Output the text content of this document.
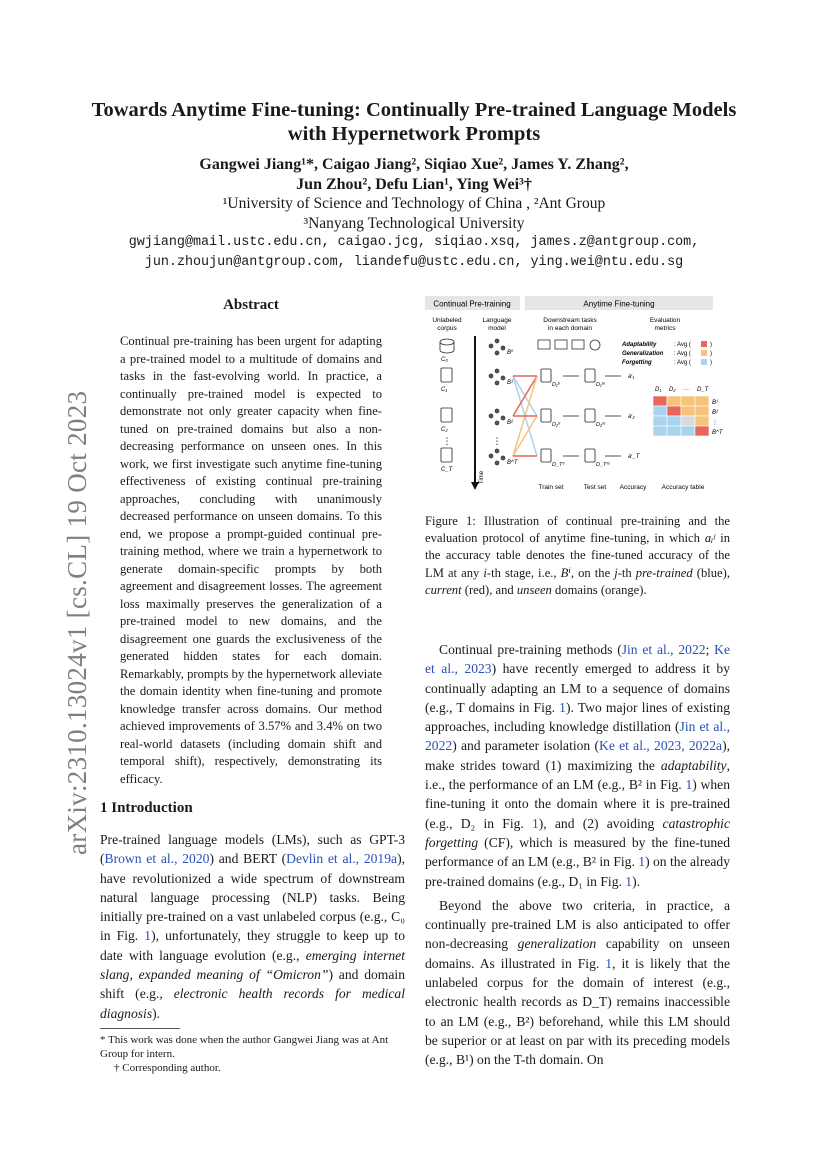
arXiv:2310.13024v1 [cs.CL] 19 Oct 2023
Towards Anytime Fine-tuning: Continually Pre-trained Language Models
with Hypernetwork Prompts
Gangwei Jiang¹*, Caigao Jiang², Siqiao Xue², James Y. Zhang²,
Jun Zhou², Defu Lian¹, Ying Wei³†
¹University of Science and Technology of China , ²Ant Group
³Nanyang Technological University
gwjiang@mail.ustc.edu.cn, caigao.jcg, siqiao.xsq, james.z@antgroup.com,
jun.zhoujun@antgroup.com, liandefu@ustc.edu.cn, ying.wei@ntu.edu.sg
Abstract

Continual pre-training has been urgent for adapting a pre-trained model to a multitude of domains and tasks in the fast-evolving world. In practice, a continually pre-trained model is expected to demonstrate not only greater capacity when fine-tuned on pre-trained domains but also a non-decreasing performance on unseen ones. In this work, we first investigate such anytime fine-tuning effectiveness of existing continual pre-training approaches, concluding with unanimously decreased performance on unseen domains. To this end, we propose a prompt-guided continual pre-training method, where we train a hypernetwork to generate domain-specific prompts by both agreement and disagreement losses. The agreement loss maximally preserves the generalization of a pre-trained model to new domains, and the disagreement one guards the exclusiveness of the generated hidden states for each domain. Remarkably, prompts by the hypernetwork alleviate the domain identity when fine-tuning and promote knowledge transfer across domains. Our method achieved improvements of 3.57% and 3.4% on two real-world datasets (including domain shift and temporal shift), respectively, demonstrating its efficacy.

1 Introduction

Pre-trained language models (LMs), such as GPT-3 (Brown et al., 2020) and BERT (Devlin et al., 2019a), have revolutionized a wide spectrum of downstream natural language processing (NLP) tasks. Being initially pre-trained on a vast unlabeled corpus (e.g., C₀ in Fig. 1), unfortunately, they struggle to keep up to date with language evolution (e.g., emerging internet slang, expanded meaning of “Omicron”) and domain shift (e.g., electronic health records for medical diagnosis).

* This work was done when the author Gangwei Jiang was at Ant Group for intern.
† Corresponding author.
Continual Pre-training	Anytime Fine-tuning
Unlabeled
corpus
Language
model
Downstream tasks
in each domain
Evaluation
metrics
Adaptability
Generalization
Forgetting
: Avg (
: Avg (
: Avg (
)
)
)
Time
C₀
C₁
C₂
C_T
⋮
B⁰
B¹
B²
B^T
⋮
D₁ᵗʳ	D₁ᵗᵉ
D₂ᵗʳ	D₂ᵗᵉ
D_Tᵗʳ	D_Tᵗᵉ
aⁱ₁
aⁱ₂
aⁱ_T
D₁ D₂ ··· D_T
B¹
B²
⋮
B^T
Train set	Test set Accuracy Accuracy table

Figure 1: Illustration of continual pre-training and the evaluation protocol of anytime fine-tuning, in which aᵢʲ in the accuracy table denotes the fine-tuned accuracy of the LM at any i-th stage, i.e., Bⁱ, on the j-th pre-trained (blue), current (red), and unseen domains (orange).

Continual pre-training methods (Jin et al., 2022; Ke et al., 2023) have recently emerged to address it by continually adapting an LM to a sequence of domains (e.g., T domains in Fig. 1). Two major lines of existing approaches, including knowledge distillation (Jin et al., 2022) and parameter isolation (Ke et al., 2023, 2022a), make strides toward (1) maximizing the adaptability, i.e., the performance of an LM (e.g., B² in Fig. 1) when fine-tuning it onto the domain where it is pre-trained (e.g., D₂ in Fig. 1), and (2) avoiding catastrophic forgetting (CF), which is measured by the fine-tuned performance of an LM (e.g., B² in Fig. 1) on the already pre-trained domains (e.g., D₁ in Fig. 1).

Beyond the above two criteria, in practice, a continually pre-trained LM is also anticipated to offer non-decreasing generalization capability on unseen domains. As illustrated in Fig. 1, it is likely that the unlabeled corpus for the domain of interest (e.g., electronic health records as D_T) remains inaccessible to an LM (e.g., B²) beforehand, while this LM should be superior or at least on par with its preceding models (e.g., B¹) on the T-th domain. On
